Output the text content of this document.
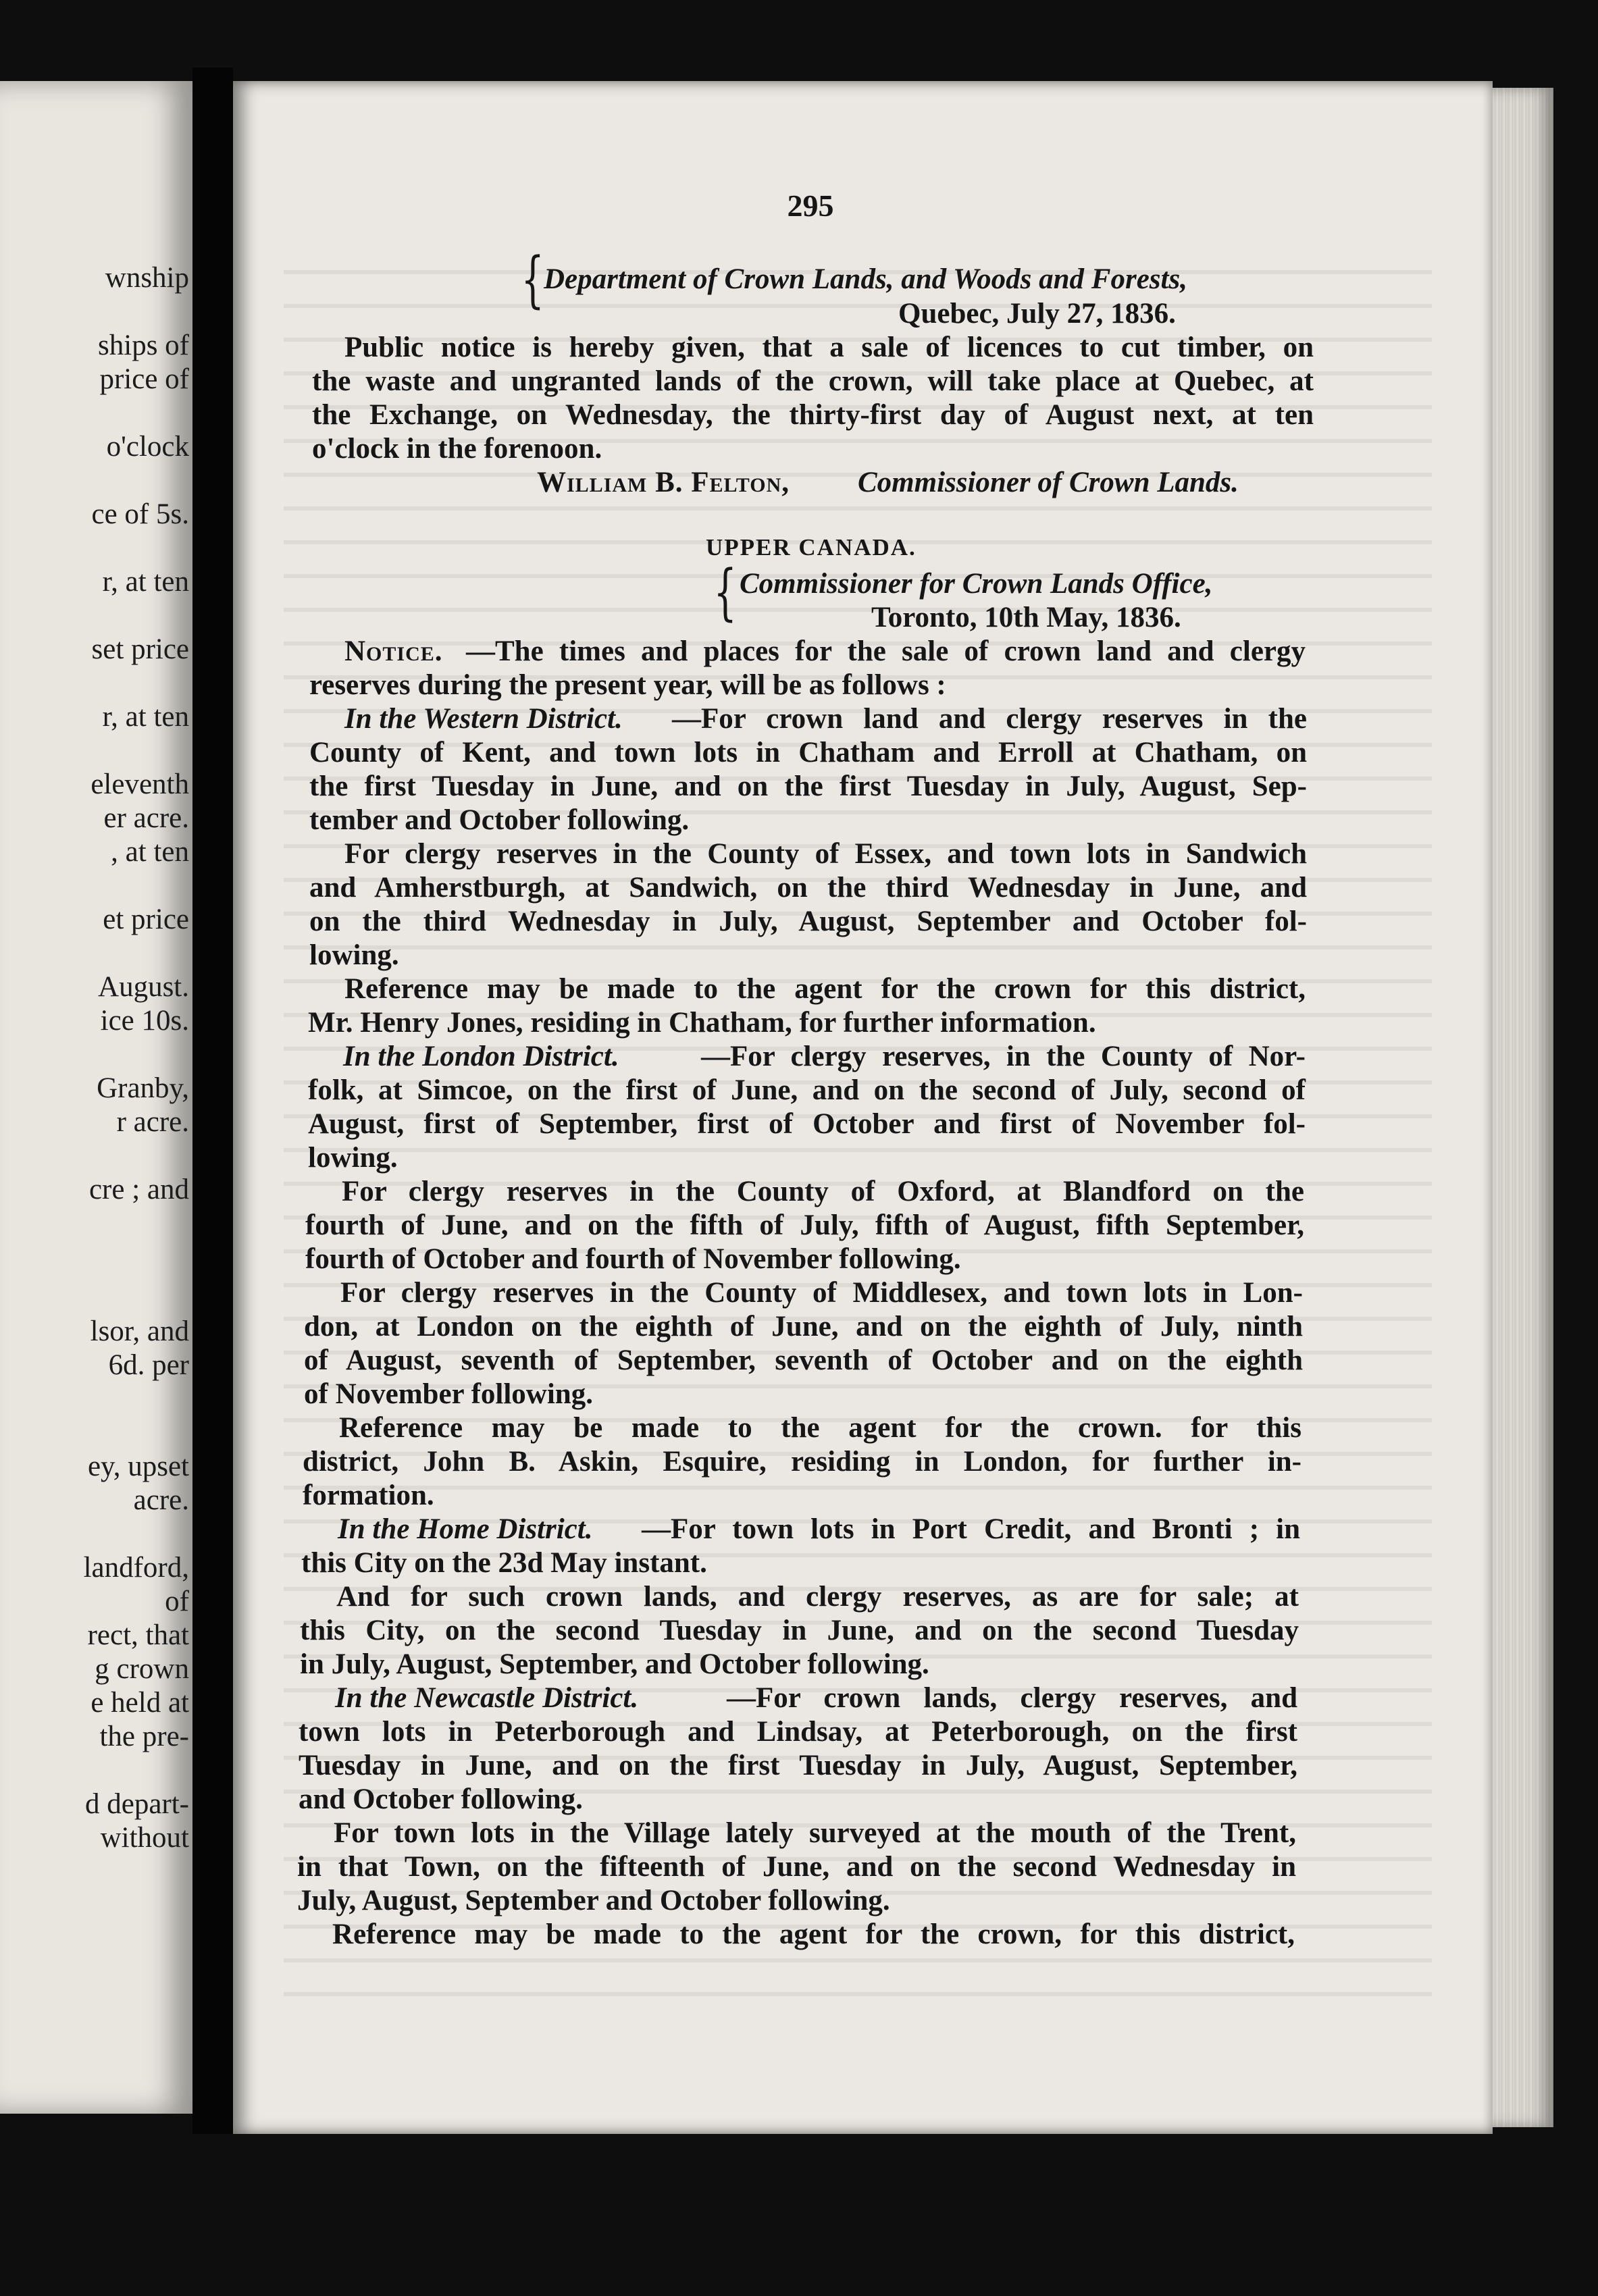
wnship
ships of
price of
o'clock
ce of 5s.
r, at ten
set price
r, at ten
eleventh
er acre.
, at ten
et price
August.
ice 10s.
Granby,
r acre.
cre ; and
lsor, and
6d. per
ey, upset
acre.
landford,
of
rect, that
g crown
e held at
the pre-
d depart-
without
295
{ Department of Crown Lands, and Woods and Forests,
Quebec, July 27, 1836.
Public notice is hereby given, that a sale of licences to cut timber, on
the waste and ungranted lands of the crown, will take place at Quebec, at
the Exchange, on Wednesday, the thirty-first day of August next, at ten
o'clock in the forenoon.
William B. Felton, Commissioner of Crown Lands.
UPPER CANADA.
{ Commissioner for Crown Lands Office,
Toronto, 10th May, 1836.
Notice. —The times and places for the sale of crown land and clergy
reserves during the present year, will be as follows :
In the Western District. —For crown land and clergy reserves in the
County of Kent, and town lots in Chatham and Erroll at Chatham, on
the first Tuesday in June, and on the first Tuesday in July, August, Sep-
tember and October following.
For clergy reserves in the County of Essex, and town lots in Sandwich
and Amherstburgh, at Sandwich, on the third Wednesday in June, and
on the third Wednesday in July, August, September and October fol-
lowing.
Reference may be made to the agent for the crown for this district,
Mr. Henry Jones, residing in Chatham, for further information.
In the London District.	—For clergy reserves, in the County of Nor-
folk, at Simcoe, on the first of June, and on the second of July, second of
August, first of September, first of October and first of November fol-
lowing.
For clergy reserves in the County of Oxford, at Blandford on the
fourth of June, and on the fifth of July, fifth of August, fifth September,
fourth of October and fourth of November following.
For clergy reserves in the County of Middlesex, and town lots in Lon-
don, at London on the eighth of June, and on the eighth of July, ninth
of August, seventh of September, seventh of October and on the eighth
of November following.
Reference may be made to the agent for the crown. for this
district, John B. Askin, Esquire, residing in London, for further in-
formation.
In the Home District. —For town lots in Port Credit, and Bronti ; in
this City on the 23d May instant.
And for such crown lands, and clergy reserves, as are for sale; at
this City, on the second Tuesday in June, and on the second Tuesday
in July, August, September, and October following.
In the Newcastle District.	—For crown lands, clergy reserves, and
town lots in Peterborough and Lindsay, at Peterborough, on the first
Tuesday in June, and on the first Tuesday in July, August, September,
and October following.
For town lots in the Village lately surveyed at the mouth of the Trent,
in that Town, on the fifteenth of June, and on the second Wednesday in
July, August, September and October following.
Reference may be made to the agent for the crown, for this district,
